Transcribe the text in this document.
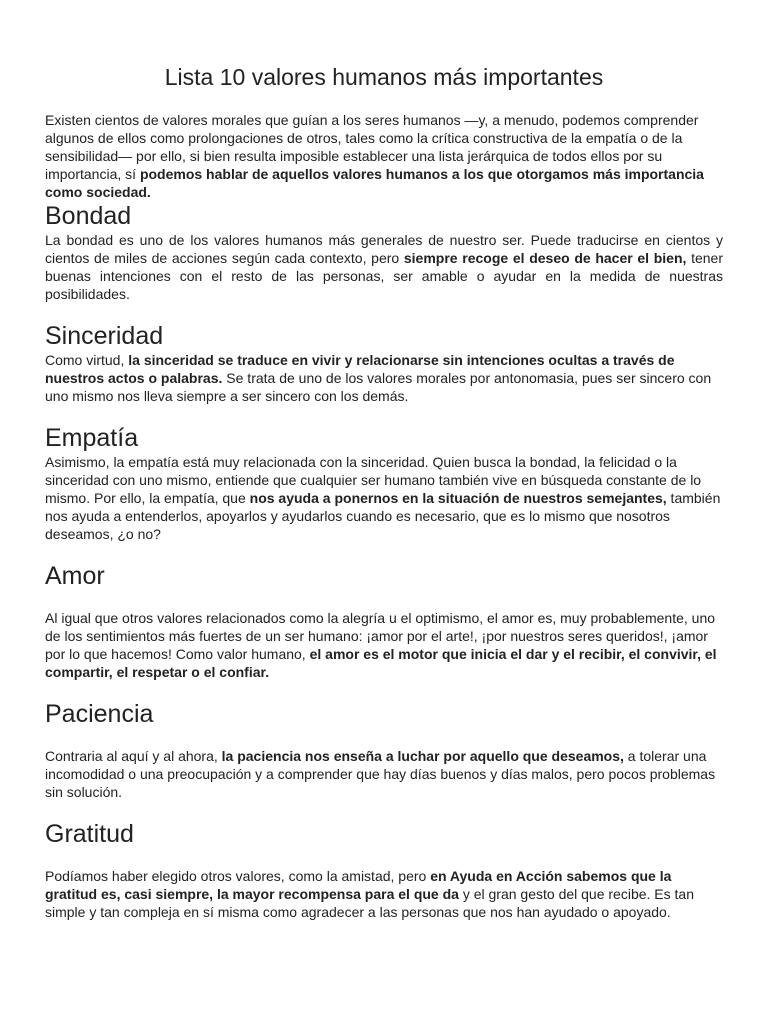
Lista 10 valores humanos más importantes

Existen cientos de valores morales que guían a los seres humanos —y, a menudo, podemos comprender algunos de ellos como prolongaciones de otros, tales como la crítica constructiva de la empatía o de la sensibilidad— por ello, si bien resulta imposible establecer una lista jerárquica de todos ellos por su importancia, sí podemos hablar de aquellos valores humanos a los que otorgamos más importancia como sociedad.

Bondad

La bondad es uno de los valores humanos más generales de nuestro ser. Puede traducirse en cientos y cientos de miles de acciones según cada contexto, pero siempre recoge el deseo de hacer el bien, tener buenas intenciones con el resto de las personas, ser amable o ayudar en la medida de nuestras posibilidades.

Sinceridad

Como virtud, la sinceridad se traduce en vivir y relacionarse sin intenciones ocultas a través de nuestros actos o palabras. Se trata de uno de los valores morales por antonomasia, pues ser sincero con uno mismo nos lleva siempre a ser sincero con los demás.

Empatía

Asimismo, la empatía está muy relacionada con la sinceridad. Quien busca la bondad, la felicidad o la sinceridad con uno mismo, entiende que cualquier ser humano también vive en búsqueda constante de lo mismo. Por ello, la empatía, que nos ayuda a ponernos en la situación de nuestros semejantes, también nos ayuda a entenderlos, apoyarlos y ayudarlos cuando es necesario, que es lo mismo que nosotros deseamos, ¿o no?

Amor

Al igual que otros valores relacionados como la alegría u el optimismo, el amor es, muy probablemente, uno de los sentimientos más fuertes de un ser humano: ¡amor por el arte!, ¡por nuestros seres queridos!, ¡amor por lo que hacemos! Como valor humano, el amor es el motor que inicia el dar y el recibir, el convivir, el compartir, el respetar o el confiar.

Paciencia

Contraria al aquí y al ahora, la paciencia nos enseña a luchar por aquello que deseamos, a tolerar una incomodidad o una preocupación y a comprender que hay días buenos y días malos, pero pocos problemas sin solución.

Gratitud

Podíamos haber elegido otros valores, como la amistad, pero en Ayuda en Acción sabemos que la gratitud es, casi siempre, la mayor recompensa para el que da y el gran gesto del que recibe. Es tan simple y tan compleja en sí misma como agradecer a las personas que nos han ayudado o apoyado.
